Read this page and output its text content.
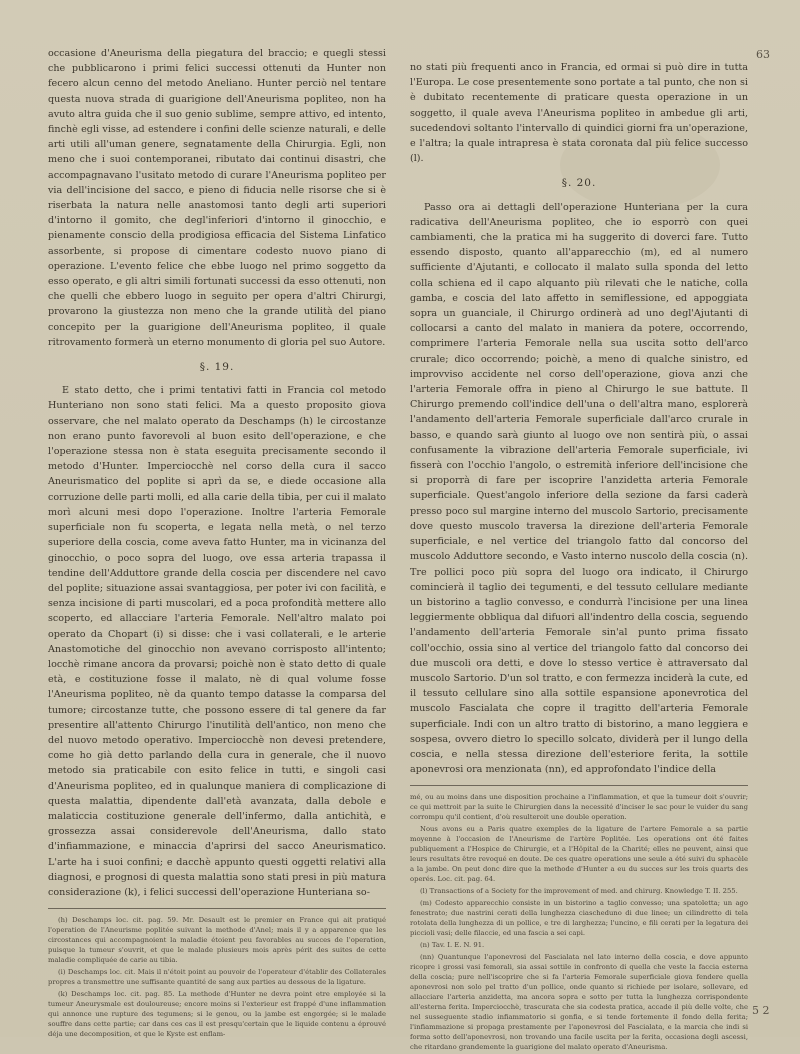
63

occasione d'Aneurisma della piegatura del braccio; e quegli stessi che pubblicarono i primi felici successi ottenuti da Hunter non fecero alcun cenno del metodo Aneliano. Hunter perciò nel tentare questa nuova strada di guarigione dell'Aneurisma popliteo, non ha avuto altra guida che il suo genio sublime, sempre attivo, ed intento, finchè egli visse, ad estendere i confini delle scienze naturali, e delle arti utili all'uman genere, segnatamente della Chirurgia. Egli, non meno che i suoi contemporanei, ributato dai continui disastri, che accompagnavano l'usitato metodo di curare l'Aneurisma popliteo per via dell'incisione del sacco, e pieno di fiducia nelle risorse che si è riserbata la natura nelle anastomosi tanto degli arti superiori d'intorno il gomito, che degl'inferiori d'intorno il ginocchio, e pienamente conscio della prodigiosa efficacia del Sistema Linfatico assorbente, si propose di cimentare codesto nuovo piano di operazione. L'evento felice che ebbe luogo nel primo soggetto da esso operato, e gli altri simili fortunati successi da esso ottenuti, non che quelli che ebbero luogo in seguito per opera d'altri Chirurgi, provarono la giustezza non meno che la grande utilità del piano concepito per la guarigione dell'Aneurisma popliteo, il quale ritrovamento formerà un eterno monumento di gloria pel suo Autore.

§. 19.

E stato detto, che i primi tentativi fatti in Francia col metodo Hunteriano non sono stati felici. Ma a questo proposito giova osservare, che nel malato operato da Deschamps (h) le circostanze non erano punto favorevoli al buon esito dell'operazione, e che l'operazione stessa non è stata eseguita precisamente secondo il metodo d'Hunter. Imperciocchè nel corso della cura il sacco Aneurismatico del poplite si aprì da se, e diede occasione alla corruzione delle parti molli, ed alla carie della tibia, per cui il malato morì alcuni mesi dopo l'operazione. Inoltre l'arteria Femorale superficiale non fu scoperta, e legata nella metà, o nel terzo superiore della coscia, come aveva fatto Hunter, ma in vicinanza del ginocchio, o poco sopra del luogo, ove essa arteria trapassa il tendine dell'Adduttore grande della coscia per discendere nel cavo del poplite; situazione assai svantaggiosa, per poter ivi con facilità, e senza incisione di parti muscolari, ed a poca profondità mettere allo scoperto, ed allacciare l'arteria Femorale. Nell'altro malato poi operato da Chopart (i) si disse: che i vasi collaterali, e le arterie Anastomotiche del ginocchio non avevano corrisposto all'intento; locchè rimane ancora da provarsi; poichè non è stato detto di quale età, e costituzione fosse il malato, nè di qual volume fosse l'Aneurisma popliteo, nè da quanto tempo datasse la comparsa del tumore; circostanze tutte, che possono essere di tal genere da far presentire all'attento Chirurgo l'inutilità dell'antico, non meno che del nuovo metodo operativo. Imperciocchè non devesi pretendere, come ho già detto parlando della cura in generale, che il nuovo metodo sia praticabile con esito felice in tutti, e singoli casi d'Aneurisma popliteo, ed in qualunque maniera di complicazione di questa malattia, dipendente dall'età avanzata, dalla debole e malaticcia costituzione generale dell'infermo, dalla antichità, e grossezza assai considerevole dell'Aneurisma, dallo stato d'infiammazione, e minaccia d'aprirsi del sacco Aneurismatico. L'arte ha i suoi confini; e dacchè appunto questi oggetti relativi alla diagnosi, e prognosi di questa malattia sono stati presi in più matura considerazione (k), i felici successi dell'operazione Hunteriana so-

(h) Deschamps loc. cit. pag. 59. Mr. Desault est le premier en France qui ait pratiqué l'operation de l'Aneurisme poplitée suivant la methode d'Anel; mais il y a apparence que les circostances qui accompagnoient la maladie étoient peu favorables au succes de l'operation, puisque la tumeur s'ouvrit, et que le malade plusieurs mois après périt des suites de cette maladie compliquée de carie au tibia.

(i) Deschamps loc. cit. Mais il n'étoit point au pouvoir de l'operateur d'établir des Collaterales propres a transmettre une suffisante quantité de sang aux parties au dessous de la ligature.

(k) Deschamps loc. cit. pag. 85. La methode d'Hunter ne devra point etre employée si la tumeur Aneurysmale est douloureuse; encore moins si l'exterieur est frappé d'une inflammation qui annonce une rupture des tegumens; si le genou, ou la jambe est engorgée; si le malade souffre dans cette partie; car dans ces cas il est presqu'certain que le liquide contenu a éprouvé déja une decomposition, et que le Kyste est enflam-

no stati più frequenti anco in Francia, ed ormai si può dire in tutta l'Europa. Le cose presentemente sono portate a tal punto, che non si è dubitato recentemente di praticare questa operazione in un soggetto, il quale aveva l'Aneurisma popliteo in ambedue gli arti, sucedendovi soltanto l'intervallo di quindici giorni fra un'operazione, e l'altra; la quale intrapresa è stata coronata dal più felice successo (l).

§. 20.

Passo ora ai dettagli dell'operazione Hunteriana per la cura radicativa dell'Aneurisma popliteo, che io esporrò con quei cambiamenti, che la pratica mi ha suggerito di doverci fare. Tutto essendo disposto, quanto all'apparecchio (m), ed al numero sufficiente d'Ajutanti, e collocato il malato sulla sponda del letto colla schiena ed il capo alquanto più rilevati che le natiche, colla gamba, e coscia del lato affetto in semiflessione, ed appoggiata sopra un guanciale, il Chirurgo ordinerà ad uno degl'Ajutanti di collocarsi a canto del malato in maniera da potere, occorrendo, comprimere l'arteria Femorale nella sua uscita sotto dell'arco crurale; dico occorrendo; poichè, a meno di qualche sinistro, ed improvviso accidente nel corso dell'operazione, giova anzi che l'arteria Femorale offra in pieno al Chirurgo le sue battute. Il Chirurgo premendo coll'indice dell'una o dell'altra mano, esplorerà l'andamento dell'arteria Femorale superficiale dall'arco crurale in basso, e quando sarà giunto al luogo ove non sentirà più, o assai confusamente la vibrazione dell'arteria Femorale superficiale, ivi fisserà con l'occhio l'angolo, o estremità inferiore dell'incisione che si proporrà di fare per iscoprire l'anzidetta arteria Femorale superficiale. Quest'angolo inferiore della sezione da farsi caderà presso poco sul margine interno del muscolo Sartorio, precisamente dove questo muscolo traversa la direzione dell'arteria Femorale superficiale, e nel vertice del triangolo fatto dal concorso del muscolo Adduttore secondo, e Vasto interno nuscolo della coscia (n). Tre pollici poco più sopra del luogo ora indicato, il Chirurgo comincierà il taglio dei tegumenti, e del tessuto cellulare mediante un bistorino a taglio convesso, e condurrà l'incisione per una linea leggiermente obbliqua dal difuori all'indentro della coscia, seguendo l'andamento dell'arteria Femorale sin'al punto prima fissato coll'occhio, ossia sino al vertice del triangolo fatto dal concorso dei due muscoli ora detti, e dove lo stesso vertice è attraversato dal muscolo Sartorio. D'un sol tratto, e con fermezza inciderà la cute, ed il tessuto cellulare sino alla sottile espansione aponevrotica del muscolo Fascialata che copre il tragitto dell'arteria Femorale superficiale. Indi con un altro tratto di bistorino, a mano leggiera e sospesa, ovvero dietro lo specillo solcato, dividerà per il lungo della coscia, e nella stessa direzione dell'esteriore ferita, la sottile aponevrosi ora menzionata (nn), ed approfondato l'indice della

mé, ou au moins dans une disposition prochaine a l'inflammation, et que la tumeur doit s'ouvrir; ce qui mettroit par la suite le Chirurgien dans la necessité d'inciser le sac pour le vuider du sang corrompu qu'il contient, d'où resulteroit une double operation.

Nous avons eu a Paris quatre exemples de la ligature de l'artere Femorale a sa partie moyenne à l'occasion de l'Aneurisme de l'artère Poplitée. Les operations ont été faites publiquement a l'Hospice de Chirurgie, et a l'Hôpital de la Charité; elles ne peuvent, ainsi que leurs resultats être revoqué en doute. De ces quatre operations une seule a été suivi du sphacèle a la jambe. On peut donc dire que la methode d'Hunter a eu du succes sur les trois quarts des operés. Loc. cit. pag. 64.

(l) Transactions of a Society for the improvement of med. and chirurg. Knowledge T. II. 255.

(m) Codesto apparecchio consiste in un bistorino a taglio convesso; una spatoletta; un ago fenestrato; due nastrini cerati della lunghezza ciascheduno di due linee; un cilindretto di tela rotolata della lunghezza di un pollice, e tre di larghezza; l'uncino, e fili cerati per la legatura dei piccioli vasi; delle filaccie, ed una fascia a sei capi.

(n) Tav. I. E. N. 91.

(nn) Quantunque l'aponevrosi del Fascialata nel lato interno della coscia, e dove appunto ricopre i grossi vasi femorali, sia assai sottile in confronto di quella che veste la faccia esterna della coscia; pure nell'iscoprire che si fa l'arteria Femorale superficiale giova fendere quella aponevrosi non solo pel tratto d'un pollice, onde quanto si richiede per isolare, sollevare, ed allacciare l'arteria anzidetta, ma ancora sopra e sotto per tutta la lunghezza corrispondente all'esterna ferita. Imperciocchè, trascurata che sia codesta pratica, accade il più delle volte, che nel susseguente stadio infiammatorio si gonfia, e si tende fortemente il fondo della ferita; l'infiammazione si propaga prestamente per l'aponevrosi del Fascialata, e la marcia che indi si forma sotto dell'aponevrosi, non trovando una facile uscita per la ferita, occasiona degli ascessi, che ritardano grandemente la guarigione del malato operato d'Aneurisma.

5 2
